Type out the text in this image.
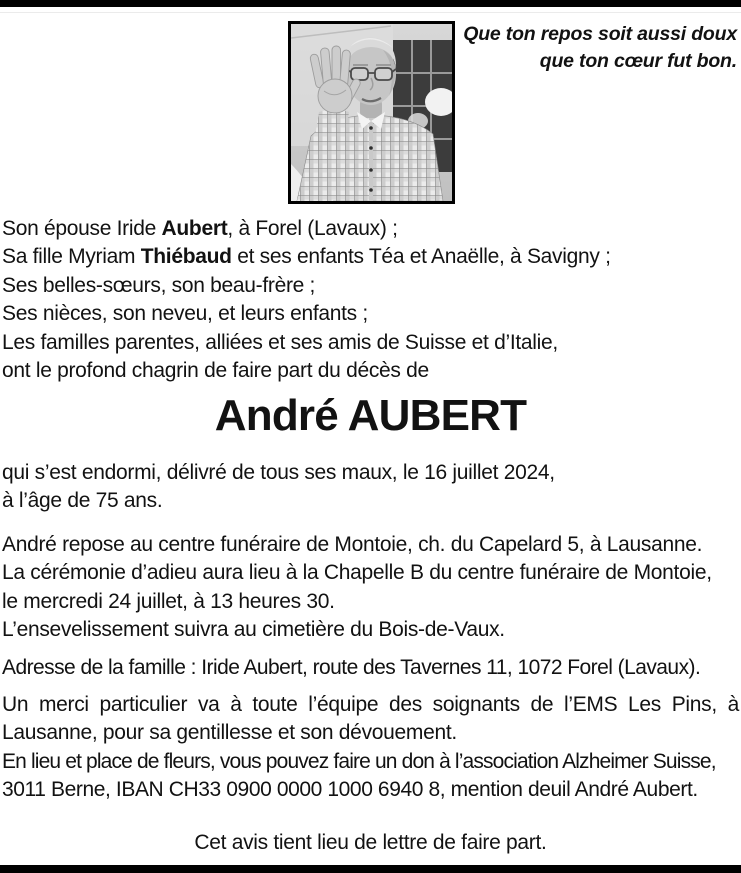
Que ton repos soit aussi doux
que ton cœur fut bon.
Son épouse Iride Aubert, à Forel (Lavaux) ;
Sa fille Myriam Thiébaud et ses enfants Téa et Anaëlle, à Savigny ;
Ses belles-sœurs, son beau-frère ;
Ses nièces, son neveu, et leurs enfants ;
Les familles parentes, alliées et ses amis de Suisse et d’Italie,
ont le profond chagrin de faire part du décès de
André AUBERT
qui s’est endormi, délivré de tous ses maux, le 16 juillet 2024,
à l’âge de 75 ans.
André repose au centre funéraire de Montoie, ch. du Capelard 5, à Lausanne.
La cérémonie d’adieu aura lieu à la Chapelle B du centre funéraire de Montoie,
le mercredi 24 juillet, à 13 heures 30.
L’ensevelissement suivra au cimetière du Bois-de-Vaux.
Adresse de la famille : Iride Aubert, route des Tavernes 11, 1072 Forel (Lavaux).
Un merci particulier va à toute l’équipe des soignants de l’EMS Les Pins, à
Lausanne, pour sa gentillesse et son dévouement.
En lieu et place de fleurs, vous pouvez faire un don à l’association Alzheimer Suisse,
3011 Berne, IBAN CH33 0900 0000 1000 6940 8, mention deuil André Aubert.
Cet avis tient lieu de lettre de faire part.
